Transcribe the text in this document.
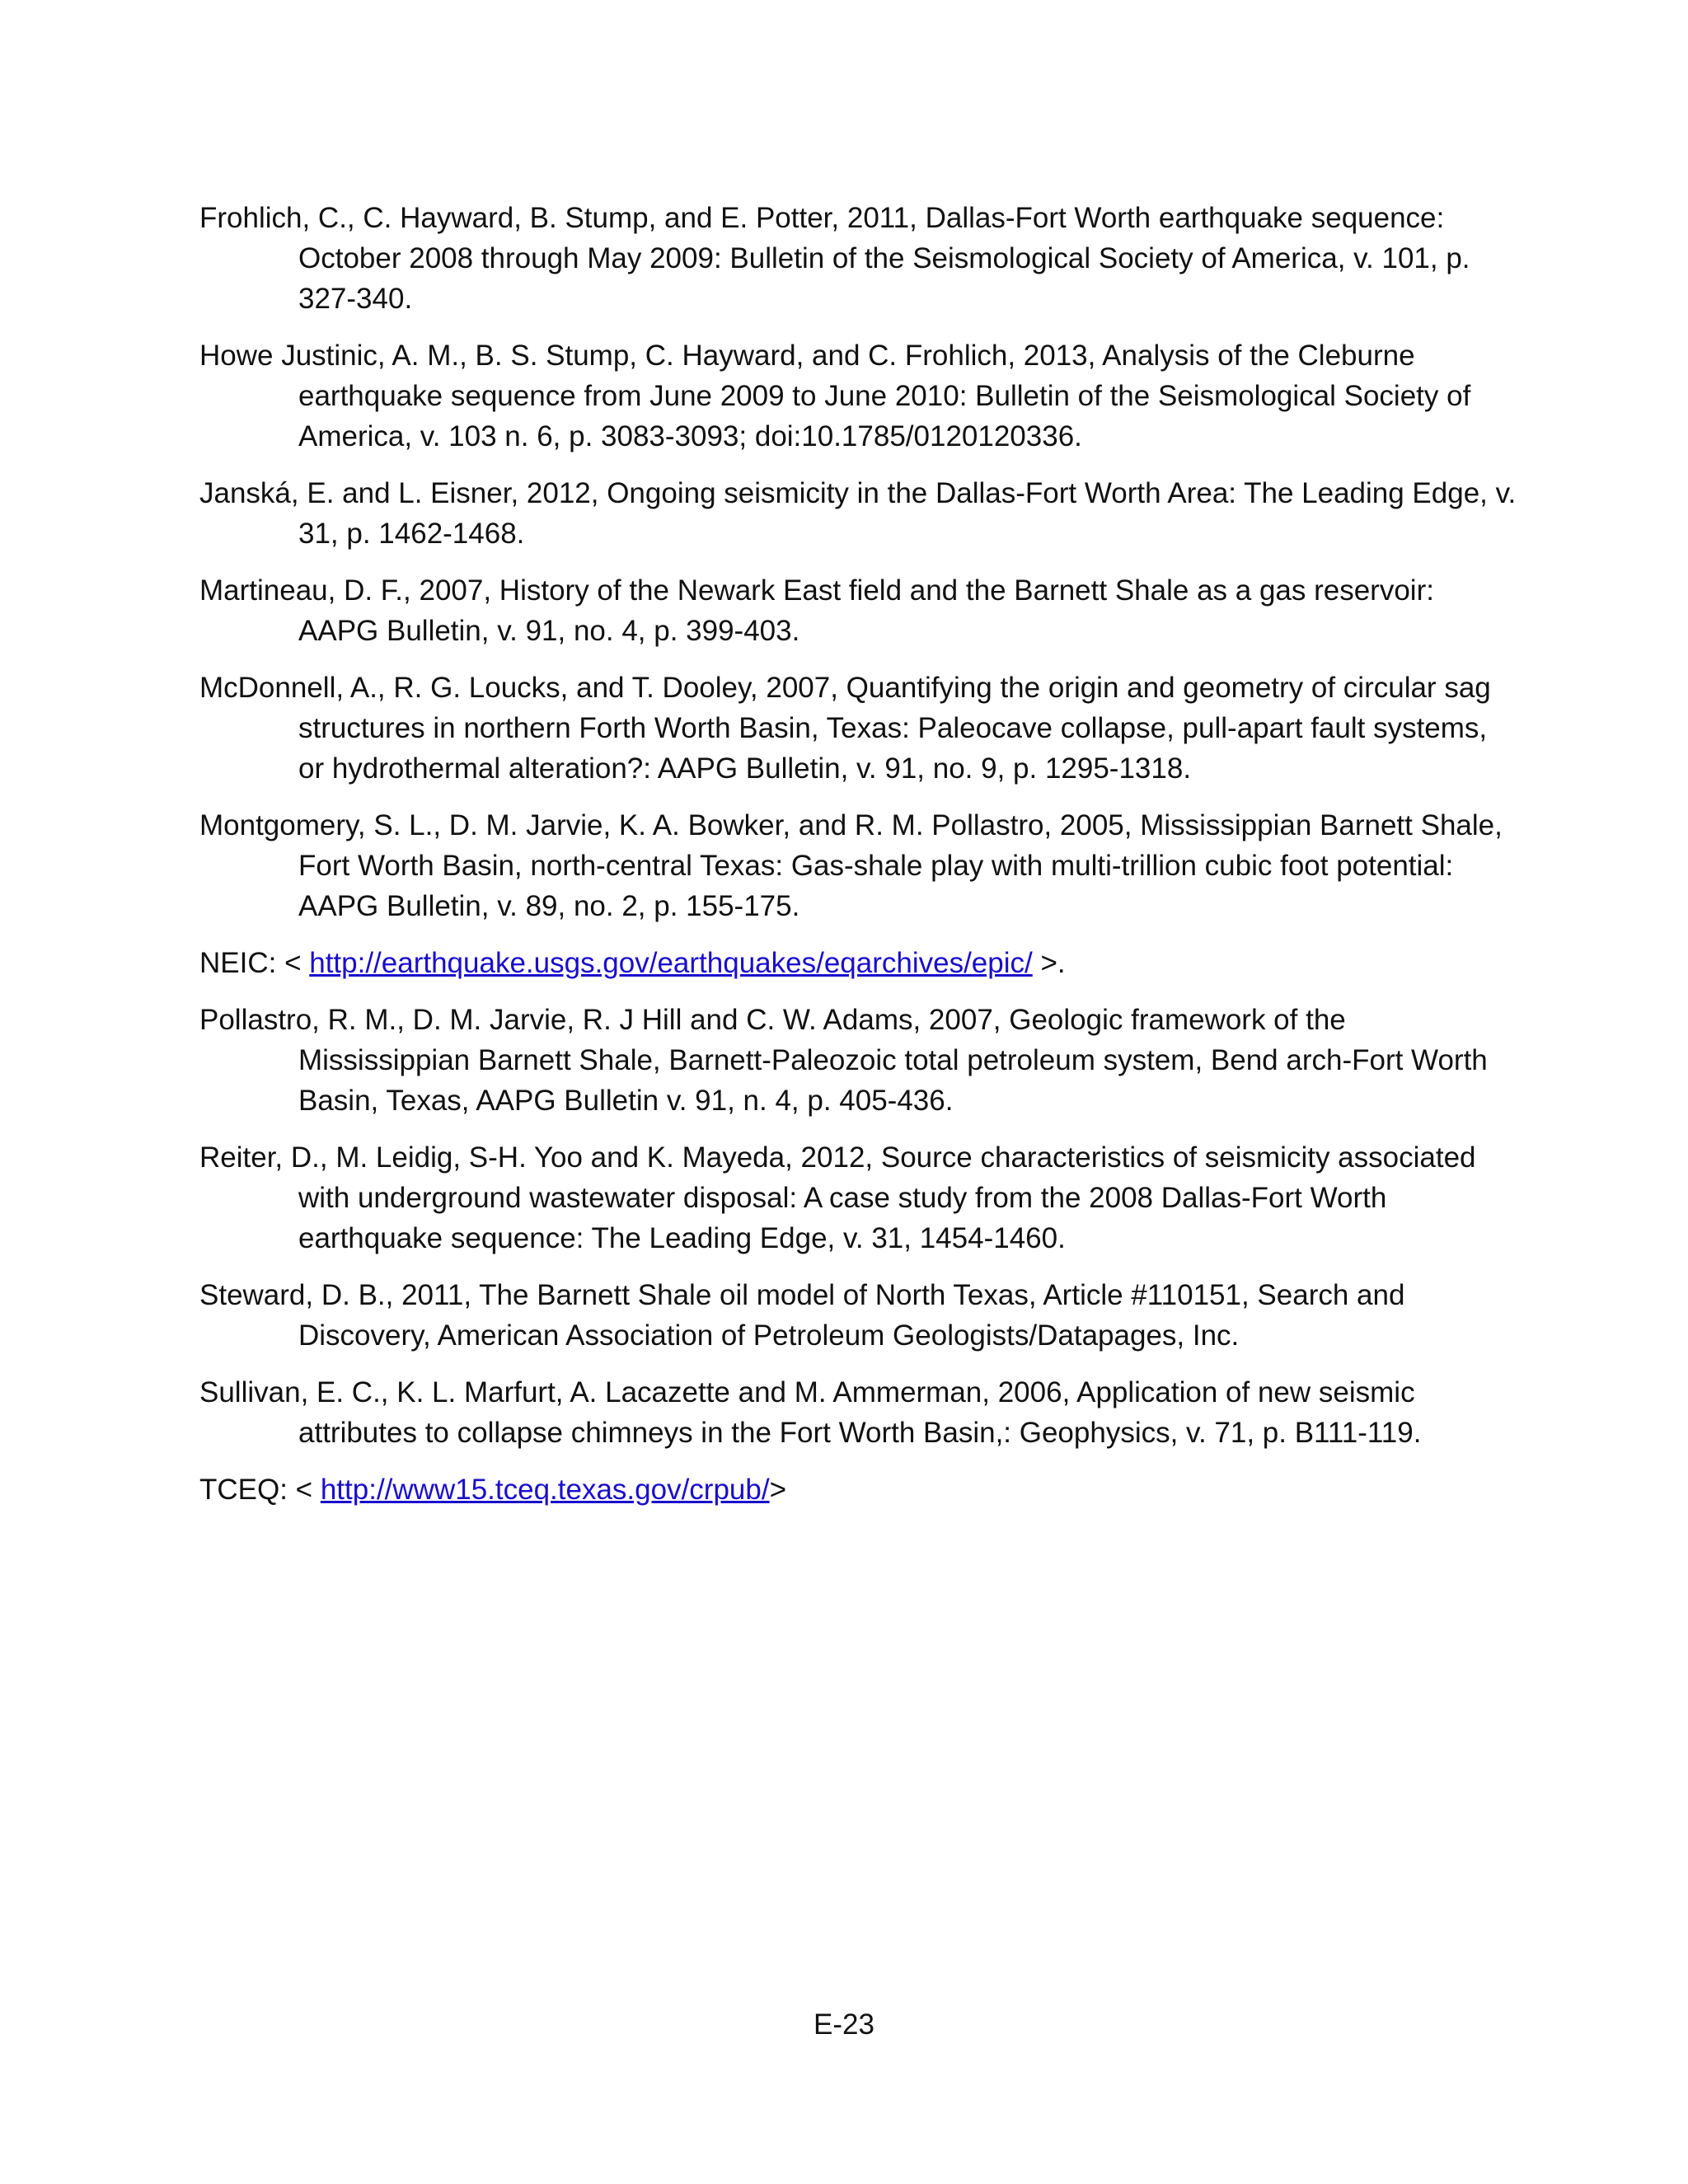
Frohlich, C., C. Hayward, B. Stump, and E. Potter, 2011, Dallas-Fort Worth earthquake sequence: October 2008 through May 2009: Bulletin of the Seismological Society of America, v. 101, p. 327-340.
Howe Justinic, A. M., B. S. Stump, C. Hayward, and C. Frohlich, 2013, Analysis of the Cleburne earthquake sequence from June 2009 to June 2010: Bulletin of the Seismological Society of America, v. 103 n. 6, p. 3083-3093; doi:10.1785/0120120336.
Janská, E. and L. Eisner, 2012, Ongoing seismicity in the Dallas-Fort Worth Area: The Leading Edge, v. 31, p. 1462-1468.
Martineau, D. F., 2007, History of the Newark East field and the Barnett Shale as a gas reservoir: AAPG Bulletin, v. 91, no. 4, p. 399-403.
McDonnell, A., R. G. Loucks, and T. Dooley, 2007, Quantifying the origin and geometry of circular sag structures in northern Forth Worth Basin, Texas: Paleocave collapse, pull-apart fault systems, or hydrothermal alteration?: AAPG Bulletin, v. 91, no. 9, p. 1295-1318.
Montgomery, S. L., D. M. Jarvie, K. A. Bowker, and R. M. Pollastro, 2005, Mississippian Barnett Shale, Fort Worth Basin, north-central Texas: Gas-shale play with multi-trillion cubic foot potential: AAPG Bulletin, v. 89, no. 2, p. 155-175.
NEIC: < http://earthquake.usgs.gov/earthquakes/eqarchives/epic/ >.
Pollastro, R. M., D. M. Jarvie, R. J Hill and C. W. Adams, 2007, Geologic framework of the Mississippian Barnett Shale, Barnett-Paleozoic total petroleum system, Bend arch-Fort Worth Basin, Texas, AAPG Bulletin v. 91, n. 4, p. 405-436.
Reiter, D., M. Leidig, S-H. Yoo and K. Mayeda, 2012, Source characteristics of seismicity associated with underground wastewater disposal: A case study from the 2008 Dallas-Fort Worth earthquake sequence: The Leading Edge, v. 31, 1454-1460.
Steward, D. B., 2011, The Barnett Shale oil model of North Texas, Article #110151, Search and Discovery, American Association of Petroleum Geologists/Datapages, Inc.
Sullivan, E. C., K. L. Marfurt, A. Lacazette and M. Ammerman, 2006, Application of new seismic attributes to collapse chimneys in the Fort Worth Basin,: Geophysics, v. 71, p. B111-119.
TCEQ: < http://www15.tceq.texas.gov/crpub/>
E-23
